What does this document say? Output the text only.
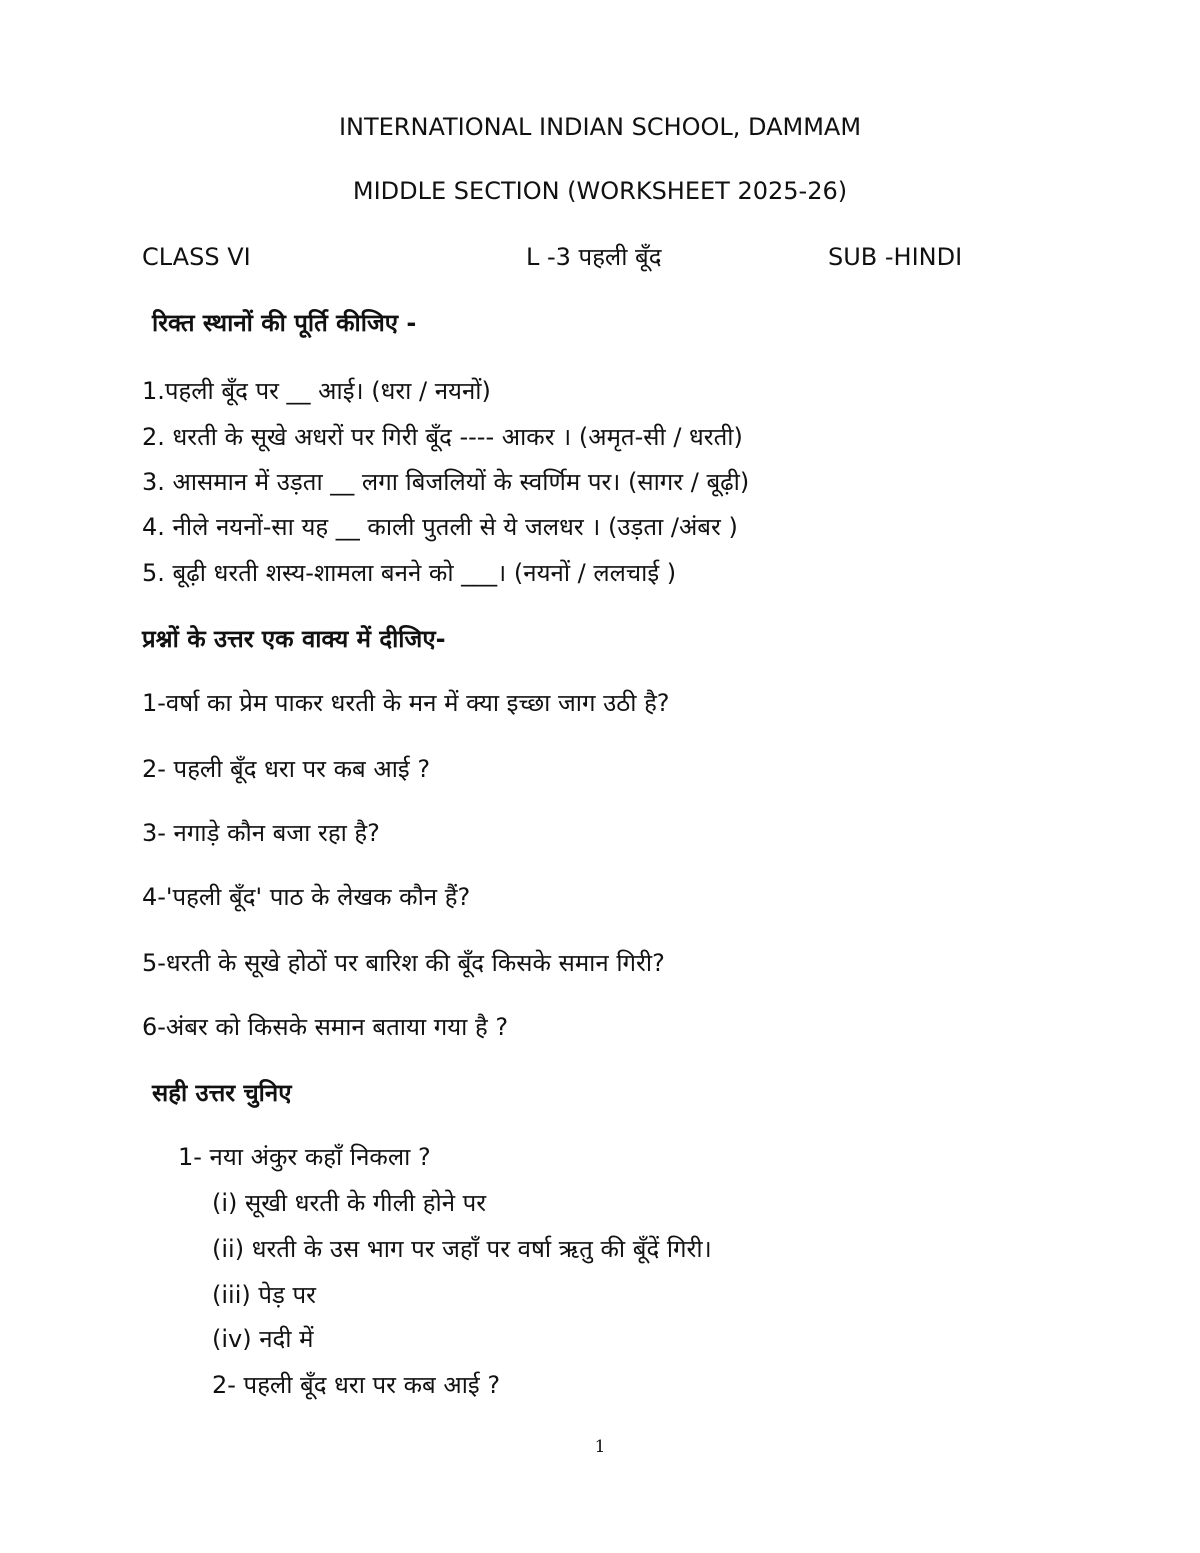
INTERNATIONAL INDIAN SCHOOL, DAMMAM
MIDDLE SECTION (WORKSHEET 2025-26)
CLASS VI	L -3 पहली बूँद	SUB -HINDI
रिक्त स्थानों की पूर्ति कीजिए -
1.पहली बूँद पर __ आई। (धरा / नयनों)
2. धरती के सूखे अधरों पर गिरी बूँद ---- आकर । (अमृत-सी / धरती)
3. आसमान में उड़ता __ लगा बिजलियों के स्वर्णिम पर। (सागर / बूढ़ी)
4. नीले नयनों-सा यह __ काली पुतली से ये जलधर । (उड़ता /अंबर )
5. बूढ़ी धरती शस्य-शामला बनने को ___। (नयनों / ललचाई )
प्रश्नों के उत्तर एक वाक्य में दीजिए-
1-वर्षा का प्रेम पाकर धरती के मन में क्या इच्छा जाग उठी है?
2- पहली बूँद धरा पर कब आई ?
3- नगाड़े कौन बजा रहा है?
4-'पहली बूँद' पाठ के लेखक कौन हैं?
5-धरती के सूखे होठों पर बारिश की बूँद किसके समान गिरी?
6-अंबर को किसके समान बताया गया है ?
सही उत्तर चुनिए
1- नया अंकुर कहाँ निकला ?
(i) सूखी धरती के गीली होने पर
(ii) धरती के उस भाग पर जहाँ पर वर्षा ऋतु की बूँदें गिरी।
(iii) पेड़ पर
(iv) नदी में
2- पहली बूँद धरा पर कब आई ?
1
